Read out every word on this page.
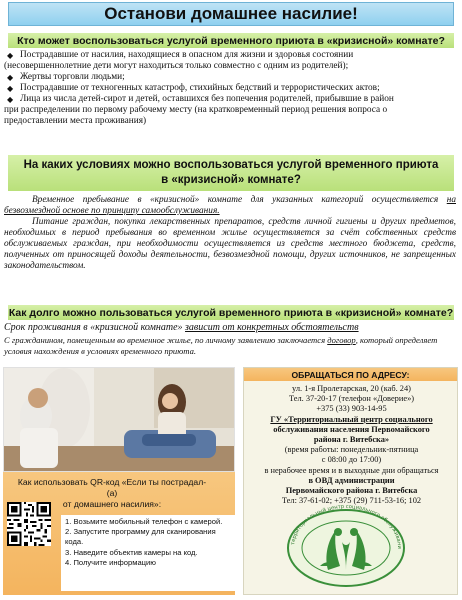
Останови домашнее насилие!
Кто может воспользоваться услугой временного приюта в «кризисной» комнате?
◆ Пострадавшие от насилия, находящиеся в опасном для жизни и здоровья состоянии
(несовершеннолетние дети могут находиться только совместно с одним из родителей);
◆ Жертвы торговли людьми;
◆ Пострадавшие от техногенных катастроф, стихийных бедствий и террористических актов;
◆ Лица из числа детей-сирот и детей, оставшихся без попечения родителей, прибывшие в район
при распределении по первому рабочему месту (на кратковременный период решения вопроса о
предоставлении места проживания)
На каких условиях можно воспользоваться услугой временного приюта
в «кризисной» комнате?

Временное пребывание в «кризисной» комнате для указанных категорий осуществляется на безвозмездной основе по принципу самообслуживания.

Питание граждан, покупка лекарственных препаратов, средств личной гигиены и других предметов, необходимых в период пребывания во временном жилье осуществляется за счёт собственных средств обслуживаемых граждан, при необходимости осуществляется из средств местного бюджета, средств, полученных от приносящей доходы деятельности, безвозмездной помощи, других источников, не запрещенных законодательством.

Как долго можно пользоваться услугой временного приюта в «кризисной» комнате?
Срок проживания в «кризисной комнате» зависит от конкретных обстоятельств
С гражданином, помещенным во временное жилье, по личному заявлению заключается договор, который определяет условия нахождения в условиях временного приюта.
Как использовать QR-код «Если ты пострадал-(а)
от домашнего насилия»:
1. Возьмите мобильный телефон с камерой.
2. Запустите программу для сканирования кода.
3. Наведите объектив камеры на код.
4. Получите информацию
ОБРАЩАТЬСЯ ПО АДРЕСУ:
ул. 1-я Пролетарская, 20 (каб. 24)
Тел. 37-20-17 (телефон «Доверие»)
+375 (33) 903-14-95
ГУ «Территориальный центр социального
обслуживания населения Первомайского
района г. Витебска»
(время работы: понедельник-пятница
с 08:00 до 17:00)
в нерабочее время и в выходные дни обращаться
в ОВД администрации
Первомайского района г. Витебска
Тел: 37-61-02; +375 (29) 711-53-16; 102
территориальный центр социального обслуживани
